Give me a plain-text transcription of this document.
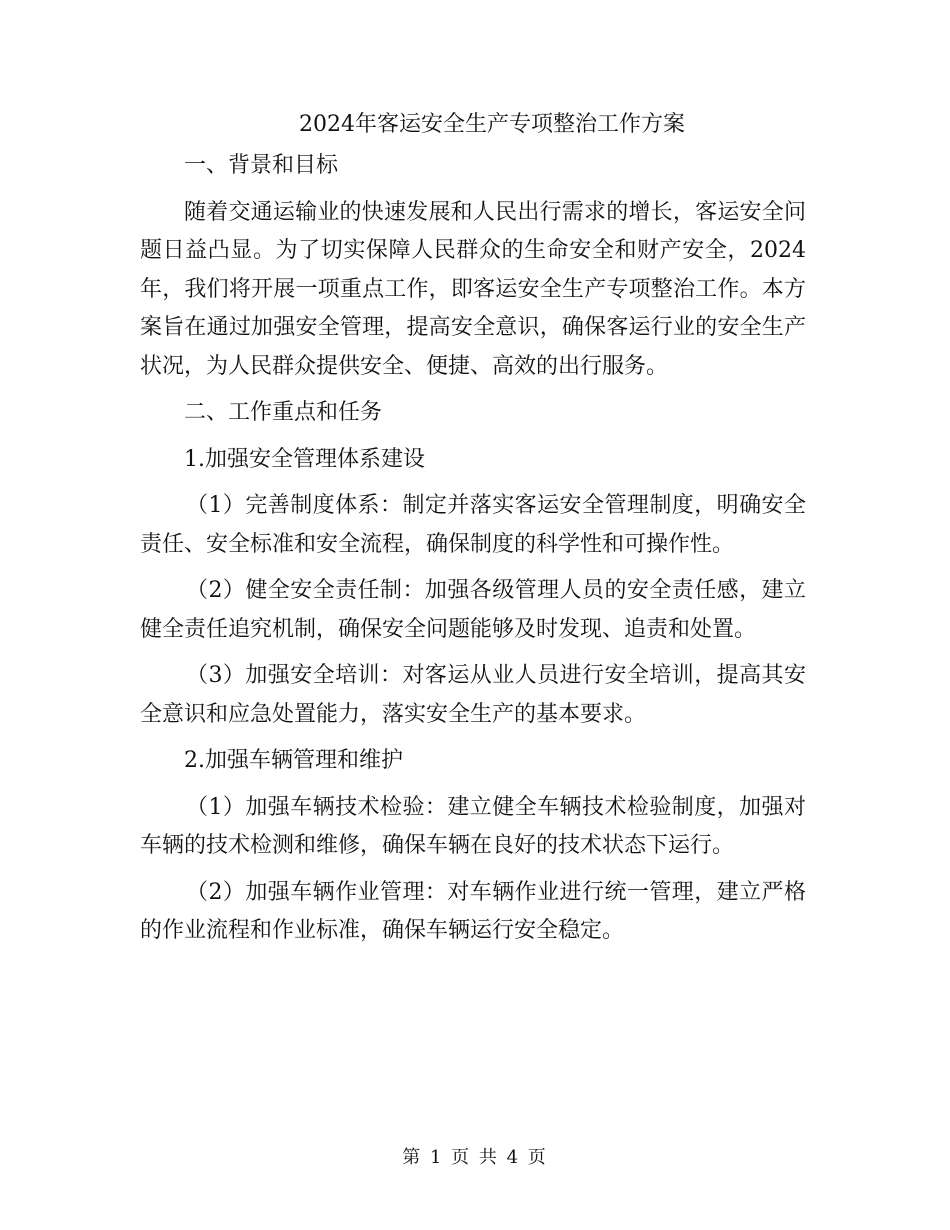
2024年客运安全生产专项整治工作方案

一、背景和目标

随着交通运输业的快速发展和人民出行需求的增长，客运安全问题日益凸显。为了切实保障人民群众的生命安全和财产安全，2024年，我们将开展一项重点工作，即客运安全生产专项整治工作。本方案旨在通过加强安全管理，提高安全意识，确保客运行业的安全生产状况，为人民群众提供安全、便捷、高效的出行服务。

二、工作重点和任务

1.加强安全管理体系建设

（1）完善制度体系：制定并落实客运安全管理制度，明确安全责任、安全标准和安全流程，确保制度的科学性和可操作性。

（2）健全安全责任制：加强各级管理人员的安全责任感，建立健全责任追究机制，确保安全问题能够及时发现、追责和处置。

（3）加强安全培训：对客运从业人员进行安全培训，提高其安全意识和应急处置能力，落实安全生产的基本要求。

2.加强车辆管理和维护

（1）加强车辆技术检验：建立健全车辆技术检验制度，加强对车辆的技术检测和维修，确保车辆在良好的技术状态下运行。

（2）加强车辆作业管理：对车辆作业进行统一管理，建立严格的作业流程和作业标准，确保车辆运行安全稳定。

第 1 页 共 4 页
